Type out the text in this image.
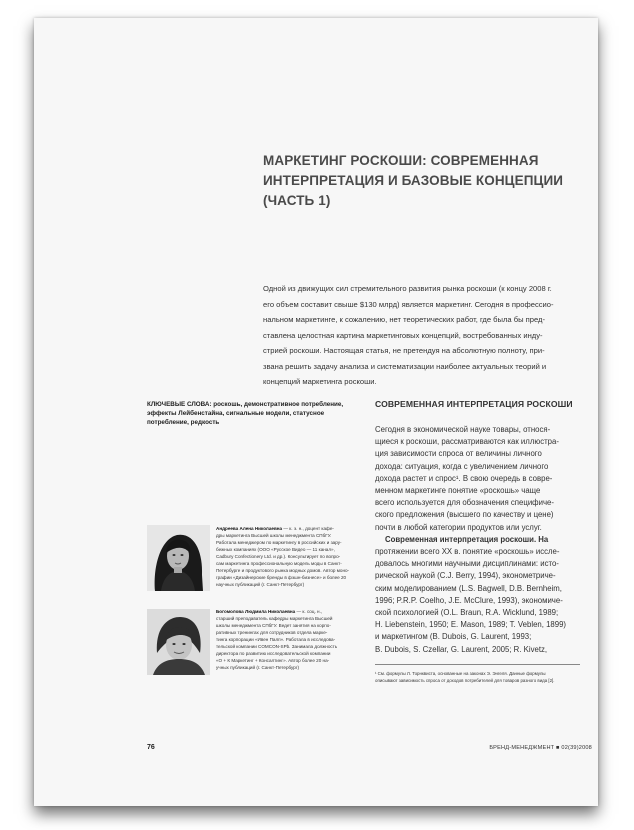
МАРКЕТИНГ РОСКОШИ: СОВРЕМЕННАЯ
ИНТЕРПРЕТАЦИЯ И БАЗОВЫЕ КОНЦЕПЦИИ
(ЧАСТЬ 1)
Одной из движущих сил стремительного развития рынка роскоши (к концу 2008 г.
его объем составит свыше $130 млрд) является маркетинг. Сегодня в профессио-
нальном маркетинге, к сожалению, нет теоретических работ, где была бы пред-
ставлена целостная картина маркетинговых концепций, востребованных инду-
стрией роскоши. Настоящая статья, не претендуя на абсолютную полноту, при-
звана решить задачу анализа и систематизации наиболее актуальных теорий и
концепций маркетинга роскоши.
КЛЮЧЕВЫЕ СЛОВА: роскошь, демонстративное потребление,
эффекты Лейбенстайна, сигнальные модели, статусное
потребление, редкость
СОВРЕМЕННАЯ ИНТЕРПРЕТАЦИЯ РОСКОШИ
Сегодня в экономической науке товары, относя-
щиеся к роскоши, рассматриваются как иллюстра-
ция зависимости спроса от величины личного
дохода: ситуация, когда с увеличением личного
дохода растет и спрос¹. В свою очередь в совре-
менном маркетинге понятие «роскошь» чаще
всего используется для обозначения специфиче-
ского предложения (высшего по качеству и цене)
почти в любой категории продуктов или услуг.
Современная интерпретация роскоши. На
протяжении всего XX в. понятие «роскошь» иссле-
довалось многими научными дисциплинами: исто-
рической наукой (C.J. Berry, 1994), эконометриче-
ским моделированием (L.S. Bagwell, D.B. Bernheim,
1996; P.R.P. Coelho, J.E. McClure, 1993), экономиче-
ской психологией (O.L. Braun, R.A. Wicklund, 1989;
H. Liebenstein, 1950; E. Mason, 1989; T. Veblen, 1899)
и маркетингом (B. Dubois, G. Laurent, 1993;
B. Dubois, S. Czellar, G. Laurent, 2005; R. Kivetz,
Андреева Алена Николаевна — к. э. н., доцент кафе-
дры маркетинга Высшей школы менеджмента СПбГУ.
Работала менеджером по маркетингу в российских и зару-
бежных компаниях (ООО «Русское Видео — 11 канал»,
Cadbury Confectionery Ltd. и др.). Консультирует по вопро-
сам маркетинга профессиональную модель моды в Санкт-
Петербурге и продуктового рынка модных домов. Автор моно-
графии «Дизайнерские бренды в фэшн-бизнесе» и более 20
научных публикаций (г. Санкт-Петербург)
Богомолова Людмила Николаевна — к. соц. н.,
старший преподаватель кафедры маркетинга Высшей
школы менеджмента СПбГУ. Ведет занятия на корпо-
ративных тренингах для сотрудников отдела марке-
тинга корпорации «Ивен Палп». Работала в исследова-
тельской компании COMCON-SPb. Занимала должность
директора по развитию исследовательской компании
«О + К Маркетинг + Консалтинг». Автор более 20 на-
учных публикаций (г. Санкт-Петербург)
¹ См. формулы Л. Торнквиста, основанные на законах Э. Энгеля. Данные формулы
описывают зависимость спроса от доходов потребителей для товаров разного вида [2].
76	БРЕНД-МЕНЕДЖМЕНТ ■ 02(39)2008
